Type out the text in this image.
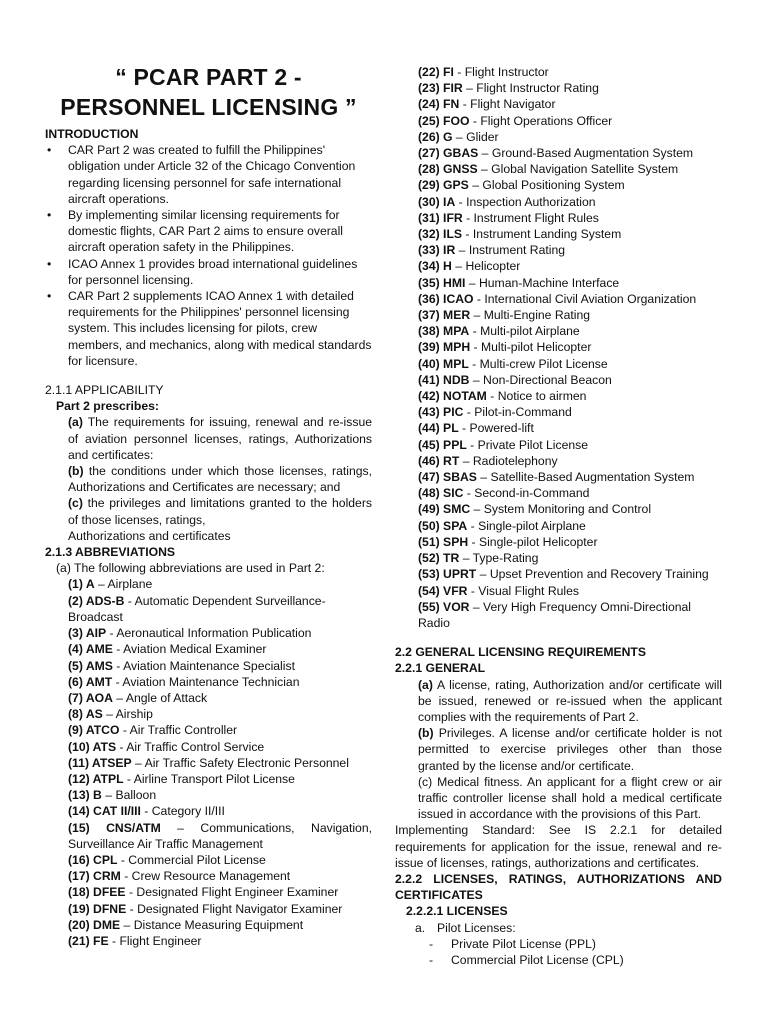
“ PCAR PART 2 -
PERSONNEL LICENSING ”
INTRODUCTION
• CAR Part 2 was created to fulfill the Philippines' obligation under Article 32 of the Chicago Convention regarding licensing personnel for safe international aircraft operations.
• By implementing similar licensing requirements for domestic flights, CAR Part 2 aims to ensure overall aircraft operation safety in the Philippines.
• ICAO Annex 1 provides broad international guidelines for personnel licensing.
• CAR Part 2 supplements ICAO Annex 1 with detailed requirements for the Philippines' personnel licensing system. This includes licensing for pilots, crew members, and mechanics, along with medical standards for licensure.
2.1.1 APPLICABILITY
Part 2 prescribes:
(a) The requirements for issuing, renewal and re-issue of aviation personnel licenses, ratings, Authorizations and certificates:
(b) the conditions under which those licenses, ratings, Authorizations and Certificates are necessary; and
(c) the privileges and limitations granted to the holders of those licenses, ratings,
Authorizations and certificates
2.1.3 ABBREVIATIONS
(a) The following abbreviations are used in Part 2:
(1) A – Airplane
(2) ADS-B - Automatic Dependent Surveillance-Broadcast
(3) AIP - Aeronautical Information Publication
(4) AME - Aviation Medical Examiner
(5) AMS - Aviation Maintenance Specialist
(6) AMT - Aviation Maintenance Technician
(7) AOA – Angle of Attack
(8) AS – Airship
(9) ATCO - Air Traffic Controller
(10) ATS - Air Traffic Control Service
(11) ATSEP – Air Traffic Safety Electronic Personnel
(12) ATPL - Airline Transport Pilot License
(13) B – Balloon
(14) CAT II/III - Category II/III
(15) CNS/ATM – Communications, Navigation, Surveillance Air Traffic Management
(16) CPL - Commercial Pilot License
(17) CRM - Crew Resource Management
(18) DFEE - Designated Flight Engineer Examiner
(19) DFNE - Designated Flight Navigator Examiner
(20) DME – Distance Measuring Equipment
(21) FE - Flight Engineer
(22) FI - Flight Instructor
(23) FIR – Flight Instructor Rating
(24) FN - Flight Navigator
(25) FOO - Flight Operations Officer
(26) G – Glider
(27) GBAS – Ground-Based Augmentation System
(28) GNSS – Global Navigation Satellite System
(29) GPS – Global Positioning System
(30) IA - Inspection Authorization
(31) IFR - Instrument Flight Rules
(32) ILS - Instrument Landing System
(33) IR – Instrument Rating
(34) H – Helicopter
(35) HMI – Human-Machine Interface
(36) ICAO - International Civil Aviation Organization
(37) MER – Multi-Engine Rating
(38) MPA - Multi-pilot Airplane
(39) MPH - Multi-pilot Helicopter
(40) MPL - Multi-crew Pilot License
(41) NDB – Non-Directional Beacon
(42) NOTAM - Notice to airmen
(43) PIC - Pilot-in-Command
(44) PL - Powered-lift
(45) PPL - Private Pilot License
(46) RT – Radiotelephony
(47) SBAS – Satellite-Based Augmentation System
(48) SIC - Second-in-Command
(49) SMC – System Monitoring and Control
(50) SPA - Single-pilot Airplane
(51) SPH - Single-pilot Helicopter
(52) TR – Type-Rating
(53) UPRT – Upset Prevention and Recovery Training
(54) VFR - Visual Flight Rules
(55) VOR – Very High Frequency Omni-Directional Radio
2.2 GENERAL LICENSING REQUIREMENTS
2.2.1 GENERAL
(a) A license, rating, Authorization and/or certificate will be issued, renewed or re-issued when the applicant complies with the requirements of Part 2.
(b) Privileges. A license and/or certificate holder is not permitted to exercise privileges other than those granted by the license and/or certificate.
(c) Medical fitness. An applicant for a flight crew or air traffic controller license shall hold a medical certificate issued in accordance with the provisions of this Part.
Implementing Standard: See IS 2.2.1 for detailed requirements for application for the issue, renewal and re-issue of licenses, ratings, authorizations and certificates.
2.2.2 LICENSES, RATINGS, AUTHORIZATIONS AND CERTIFICATES
2.2.2.1 LICENSES
a. Pilot Licenses:
- Private Pilot License (PPL)
- Commercial Pilot License (CPL)
